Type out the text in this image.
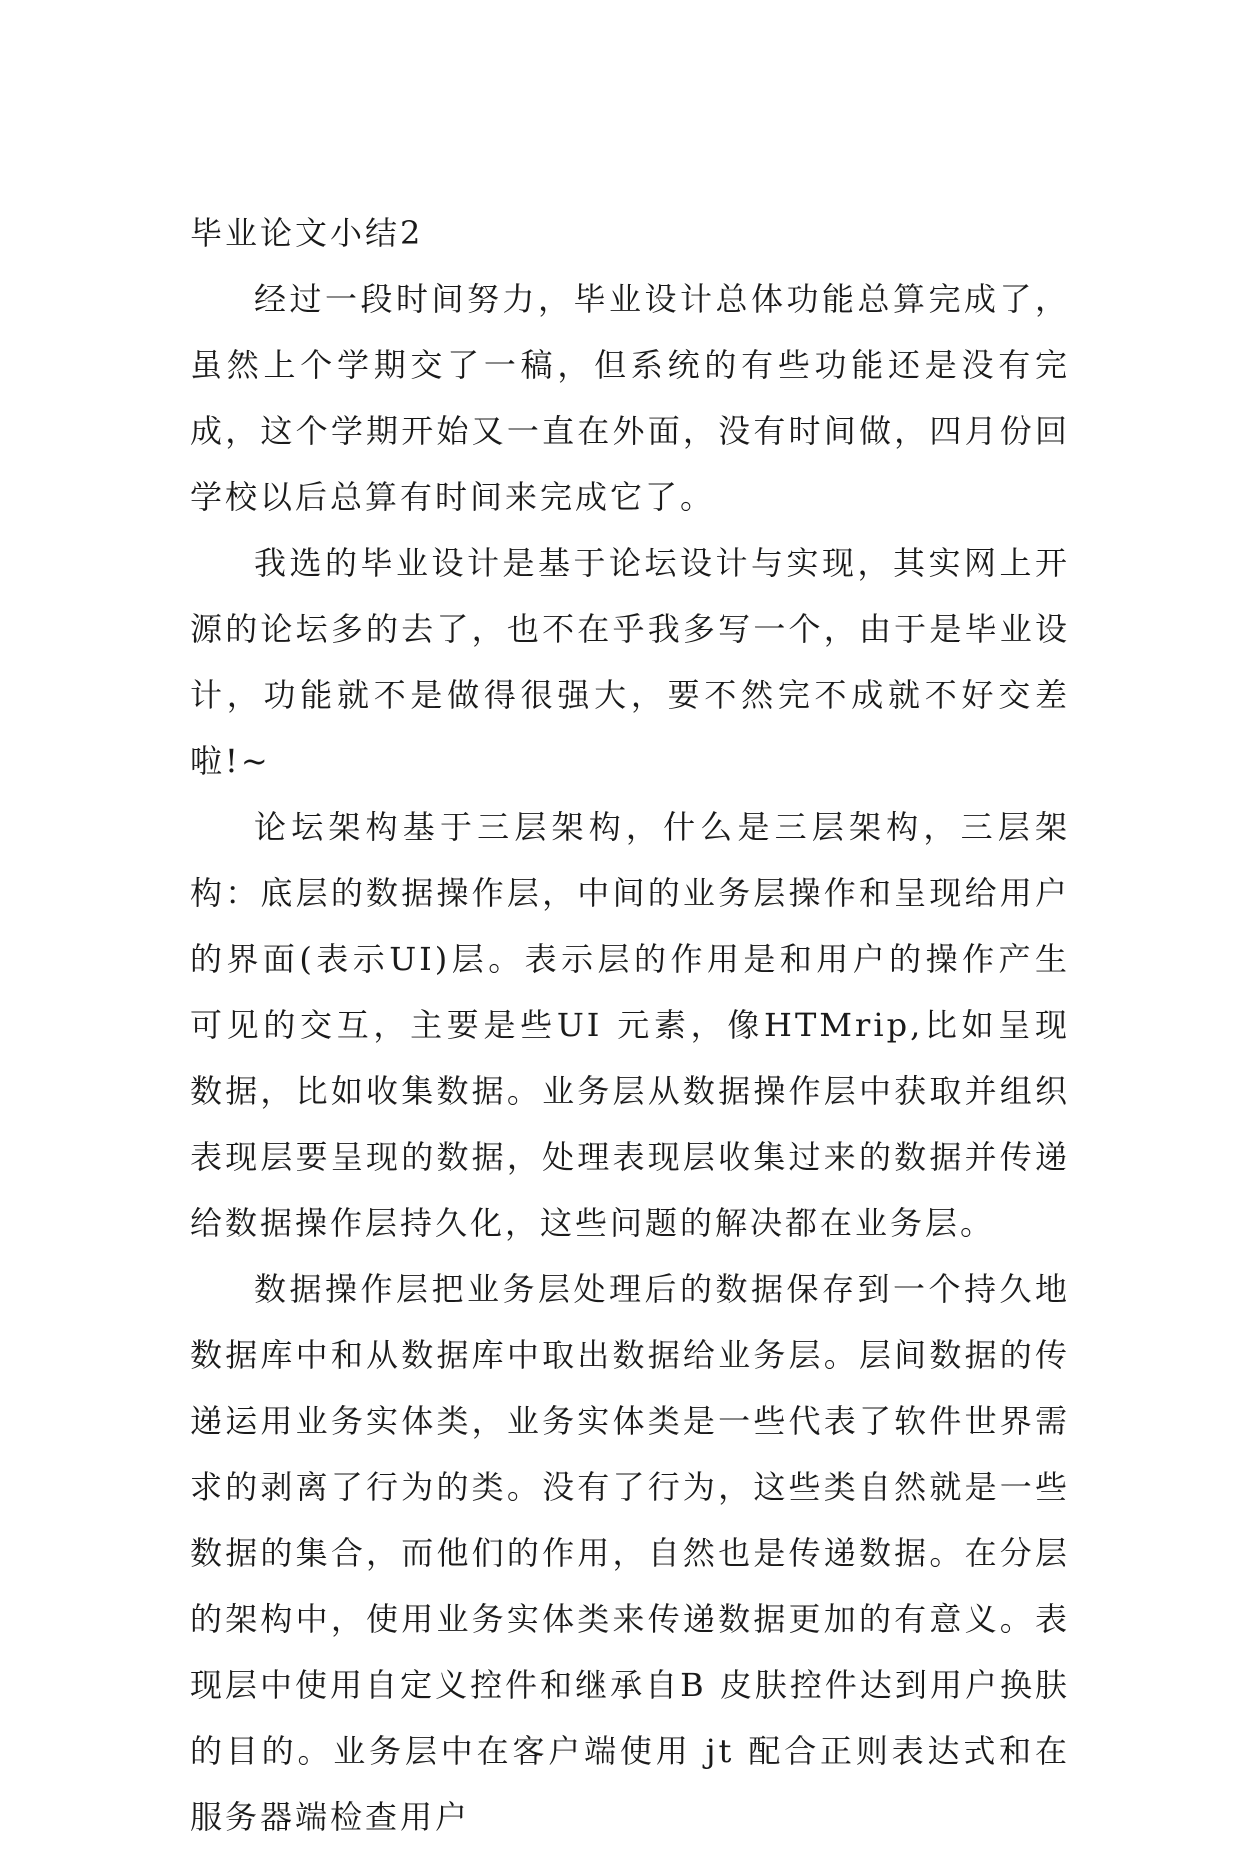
毕业论文小结2

经过一段时间努力，毕业设计总体功能总算完成了，虽然上个学期交了一稿，但系统的有些功能还是没有完成，这个学期开始又一直在外面，没有时间做，四月份回学校以后总算有时间来完成它了。

我选的毕业设计是基于论坛设计与实现，其实网上开源的论坛多的去了，也不在乎我多写一个，由于是毕业设计，功能就不是做得很强大，要不然完不成就不好交差啦!~

论坛架构基于三层架构，什么是三层架构，三层架构：底层的数据操作层，中间的业务层操作和呈现给用户的界面(表示UI)层。表示层的作用是和用户的操作产生可见的交互，主要是些UI 元素，像HTMrip,比如呈现数据，比如收集数据。业务层从数据操作层中获取并组织表现层要呈现的数据，处理表现层收集过来的数据并传递给数据操作层持久化，这些问题的解决都在业务层。

数据操作层把业务层处理后的数据保存到一个持久地数据库中和从数据库中取出数据给业务层。层间数据的传递运用业务实体类，业务实体类是一些代表了软件世界需求的剥离了行为的类。没有了行为，这些类自然就是一些数据的集合，而他们的作用，自然也是传递数据。在分层的架构中，使用业务实体类来传递数据更加的有意义。表现层中使用自定义控件和继承自B 皮肤控件达到用户换肤的目的。业务层中在客户端使用 jt 配合正则表达式和在服务器端检查用户
